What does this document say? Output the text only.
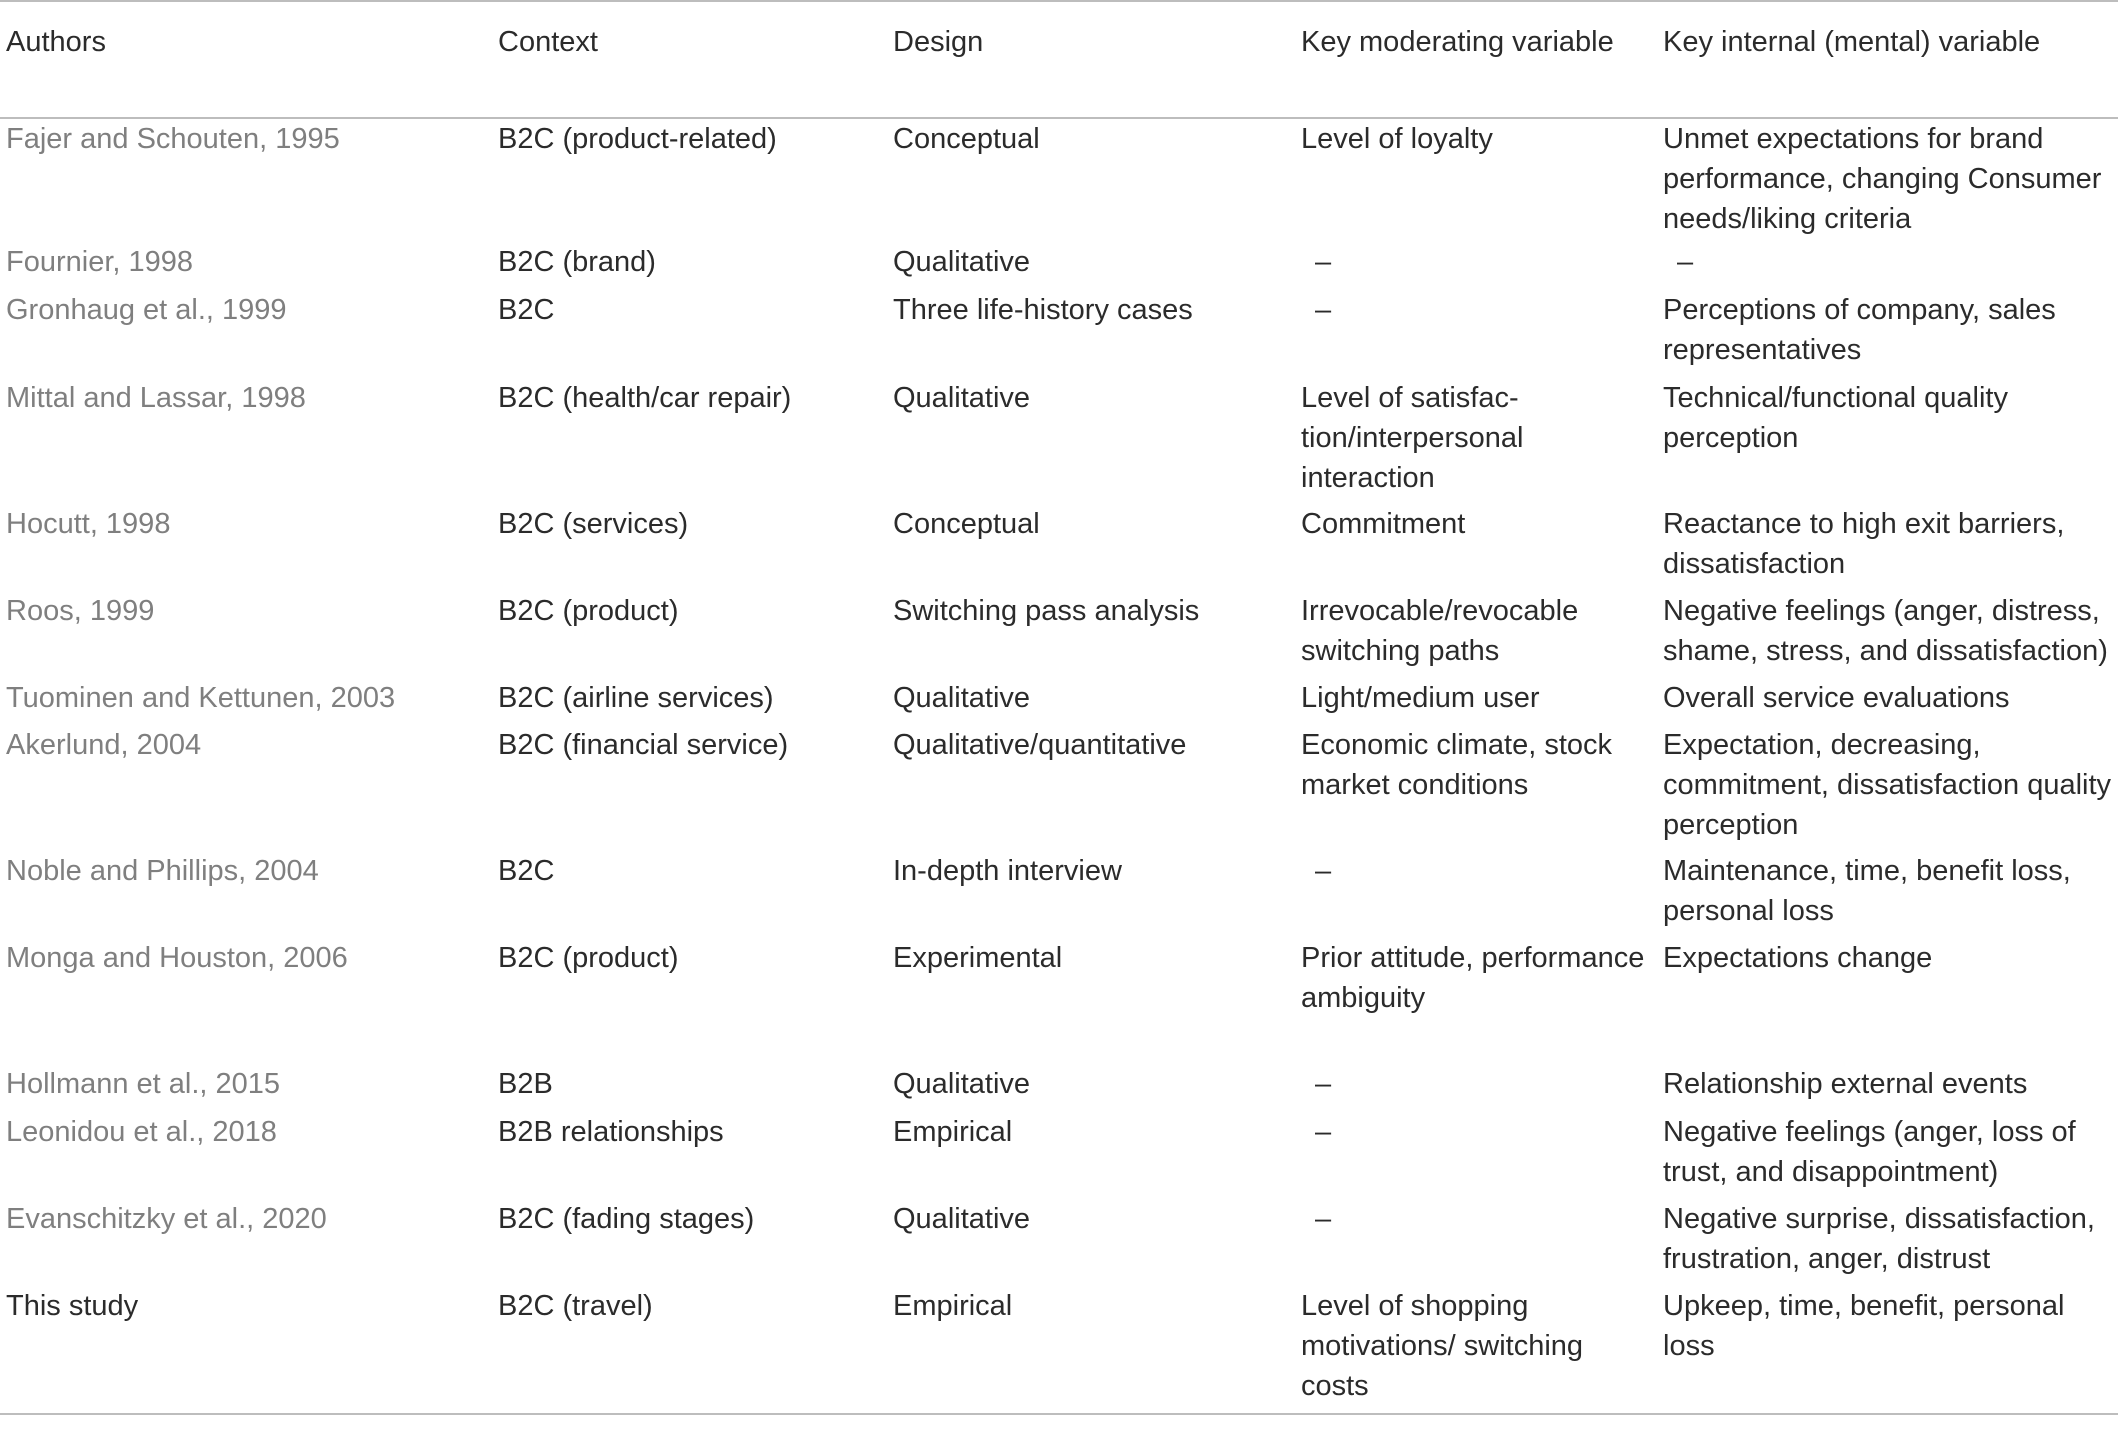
Authors	Context	Design	Key moderating variable	Key internal (mental) variable
Fajer and Schouten, 1995	B2C (product-related)	Conceptual	Level of loyalty	Unmet expectations for brand performance, changing Consumer needs/liking criteria
Fournier, 1998	B2C (brand)	Qualitative	–	–
Gronhaug et al., 1999	B2C	Three life-history cases	–	Perceptions of company, sales representatives
Mittal and Lassar, 1998	B2C (health/car repair)	Qualitative	Level of satisfac-tion/interpersonal interaction	Technical/functional quality perception
Hocutt, 1998	B2C (services)	Conceptual	Commitment	Reactance to high exit barriers, dissatisfaction
Roos, 1999	B2C (product)	Switching pass analysis	Irrevocable/revocable switching paths	Negative feelings (anger, distress, shame, stress, and dissatisfaction)
Tuominen and Kettunen, 2003	B2C (airline services)	Qualitative	Light/medium user	Overall service evaluations
Akerlund, 2004	B2C (financial service)	Qualitative/quantitative	Economic climate, stock market conditions	Expectation, decreasing, commitment, dissatisfaction quality perception
Noble and Phillips, 2004	B2C	In-depth interview	–	Maintenance, time, benefit loss, personal loss
Monga and Houston, 2006	B2C (product)	Experimental	Prior attitude, performance ambiguity	Expectations change
Hollmann et al., 2015	B2B	Qualitative	–	Relationship external events
Leonidou et al., 2018	B2B relationships	Empirical	–	Negative feelings (anger, loss of trust, and disappointment)
Evanschitzky et al., 2020	B2C (fading stages)	Qualitative	–	Negative surprise, dissatisfaction, frustration, anger, distrust
This study	B2C (travel)	Empirical	Level of shopping motivations/ switching costs	Upkeep, time, benefit, personal loss
